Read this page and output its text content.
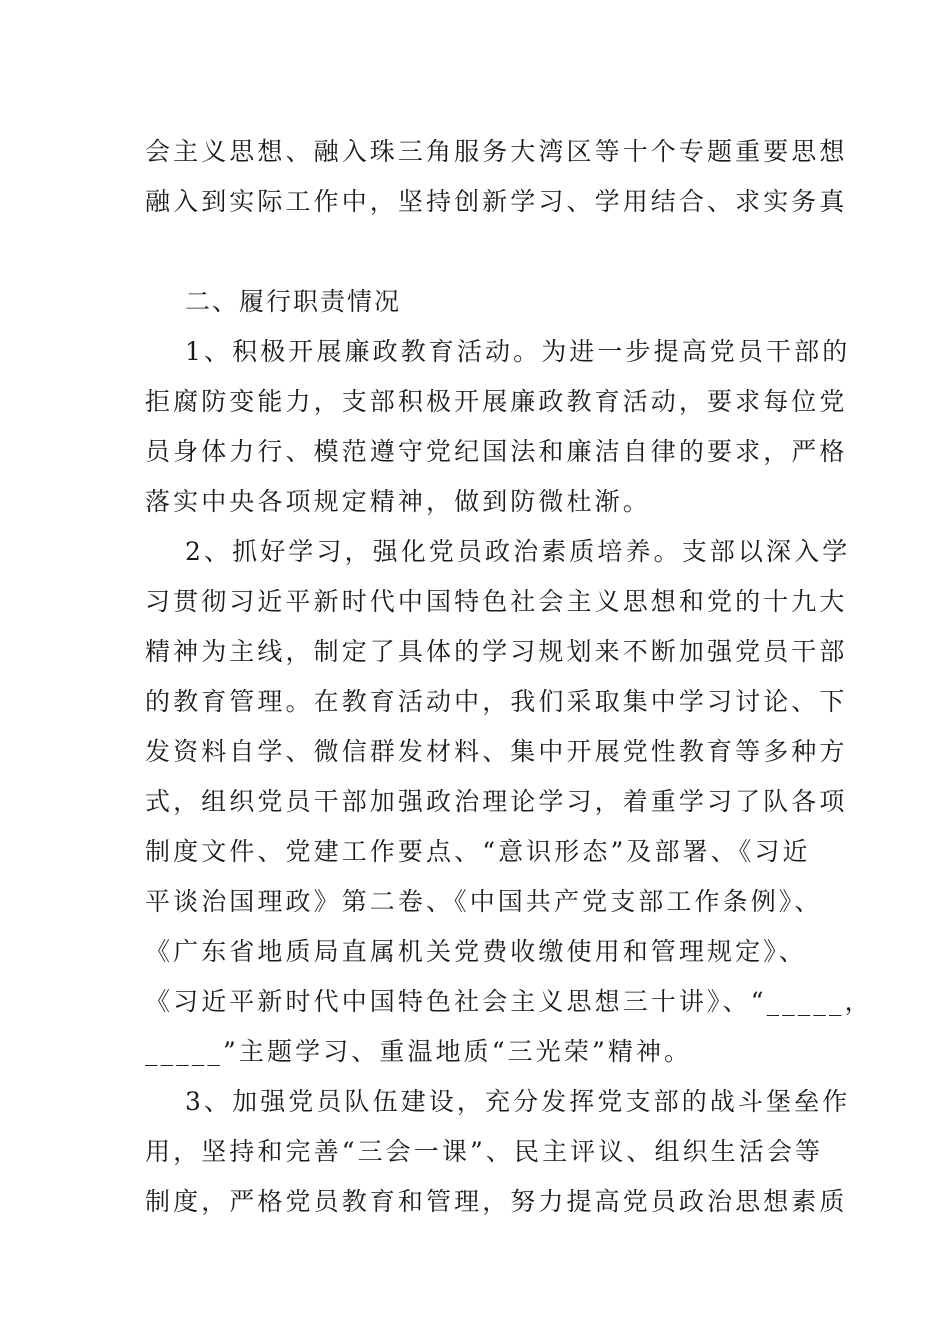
会主义思想、融入珠三角服务大湾区等十个专题重要思想
融入到实际工作中，坚持创新学习、学用结合、求实务真
二、履行职责情况
1、积极开展廉政教育活动。为进一步提高党员干部的
拒腐防变能力，支部积极开展廉政教育活动，要求每位党
员身体力行、模范遵守党纪国法和廉洁自律的要求，严格
落实中央各项规定精神，做到防微杜渐。
2、抓好学习，强化党员政治素质培养。支部以深入学
习贯彻习近平新时代中国特色社会主义思想和党的十九大
精神为主线，制定了具体的学习规划来不断加强党员干部
的教育管理。在教育活动中，我们采取集中学习讨论、下
发资料自学、微信群发材料、集中开展党性教育等多种方
式，组织党员干部加强政治理论学习，着重学习了队各项
制度文件、党建工作要点、“意识形态”及部署、《习近
平谈治国理政》第二卷、《中国共产党支部工作条例》、
《广东省地质局直属机关党费收缴使用和管理规定》、
《习近平新时代中国特色社会主义思想三十讲》、“_____，
_____”主题学习、重温地质“三光荣”精神。
3、加强党员队伍建设，充分发挥党支部的战斗堡垒作
用，坚持和完善“三会一课”、民主评议、组织生活会等
制度，严格党员教育和管理，努力提高党员政治思想素质
